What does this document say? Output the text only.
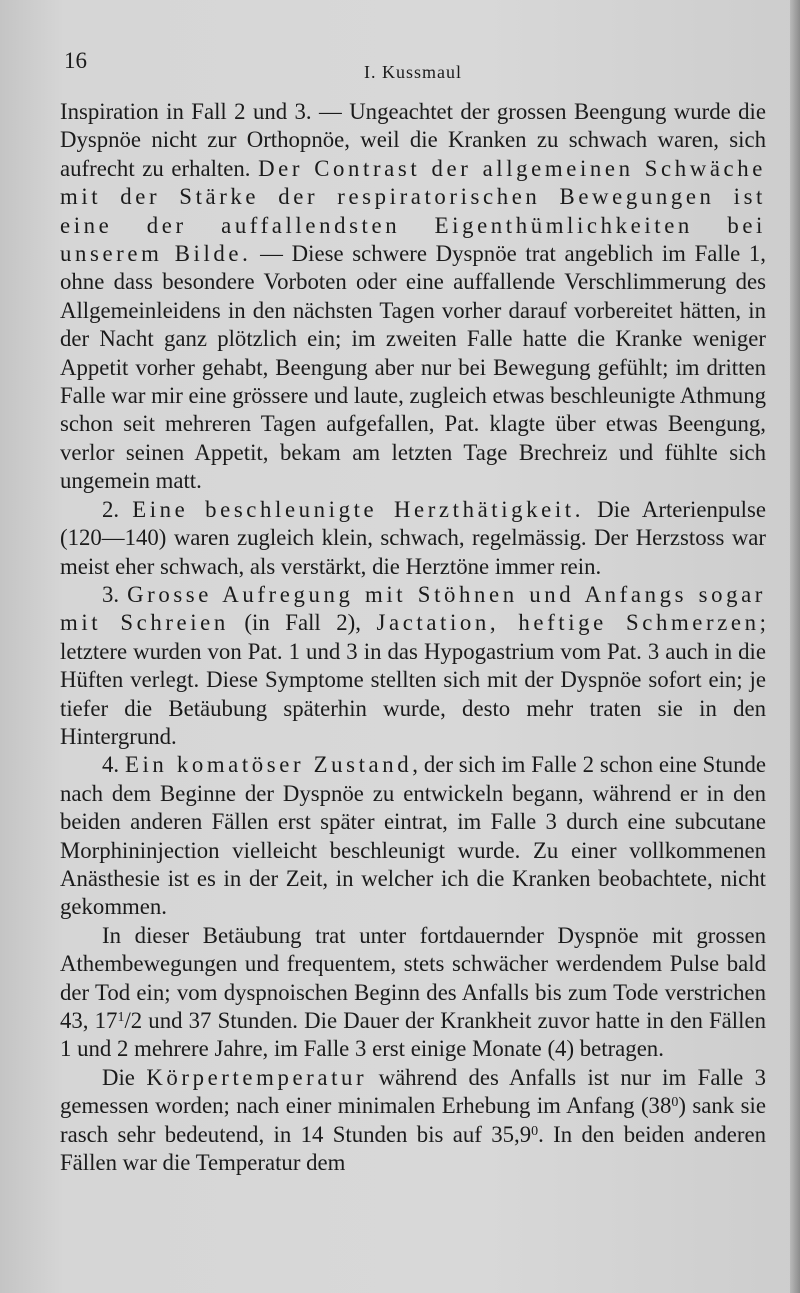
16	I. Kussmaul

Inspiration in Fall 2 und 3. — Ungeachtet der grossen Beengung wurde die Dyspnöe nicht zur Orthopnöe, weil die Kranken zu schwach waren, sich aufrecht zu erhalten. Der Contrast der allgemeinen Schwäche mit der Stärke der respiratorischen Bewegungen ist eine der auffallendsten Eigenthümlichkeiten bei unserem Bilde. — Diese schwere Dyspnöe trat angeblich im Falle 1, ohne dass besondere Vorboten oder eine auffallende Verschlimmerung des Allgemeinleidens in den nächsten Tagen vorher darauf vorbereitet hätten, in der Nacht ganz plötzlich ein; im zweiten Falle hatte die Kranke weniger Appetit vorher gehabt, Beengung aber nur bei Bewegung gefühlt; im dritten Falle war mir eine grössere und laute, zugleich etwas beschleunigte Athmung schon seit mehreren Tagen aufgefallen, Pat. klagte über etwas Beengung, verlor seinen Appetit, bekam am letzten Tage Brechreiz und fühlte sich ungemein matt.

2. Eine beschleunigte Herzthätigkeit. Die Arterienpulse (120—140) waren zugleich klein, schwach, regelmässig. Der Herzstoss war meist eher schwach, als verstärkt, die Herztöne immer rein.

3. Grosse Aufregung mit Stöhnen und Anfangs sogar mit Schreien (in Fall 2), Jactation, heftige Schmerzen; letztere wurden von Pat. 1 und 3 in das Hypogastrium vom Pat. 3 auch in die Hüften verlegt. Diese Symptome stellten sich mit der Dyspnöe sofort ein; je tiefer die Betäubung späterhin wurde, desto mehr traten sie in den Hintergrund.

4. Ein komatöser Zustand, der sich im Falle 2 schon eine Stunde nach dem Beginne der Dyspnöe zu entwickeln begann, während er in den beiden anderen Fällen erst später eintrat, im Falle 3 durch eine subcutane Morphininjection vielleicht beschleunigt wurde. Zu einer vollkommenen Anästhesie ist es in der Zeit, in welcher ich die Kranken beobachtete, nicht gekommen.

In dieser Betäubung trat unter fortdauernder Dyspnöe mit grossen Athembewegungen und frequentem, stets schwächer werdendem Pulse bald der Tod ein; vom dyspnoischen Beginn des Anfalls bis zum Tode verstrichen 43, $17^1/2$ und 37 Stunden. Die Dauer der Krankheit zuvor hatte in den Fällen 1 und 2 mehrere Jahre, im Falle 3 erst einige Monate (4) betragen.

Die Körpertemperatur während des Anfalls ist nur im Falle 3 gemessen worden; nach einer minimalen Erhebung im Anfang $(38^0)$ sank sie rasch sehr bedeutend, in 14 Stunden bis auf 35,9$^0$. In den beiden anderen Fällen war die Temperatur dem
